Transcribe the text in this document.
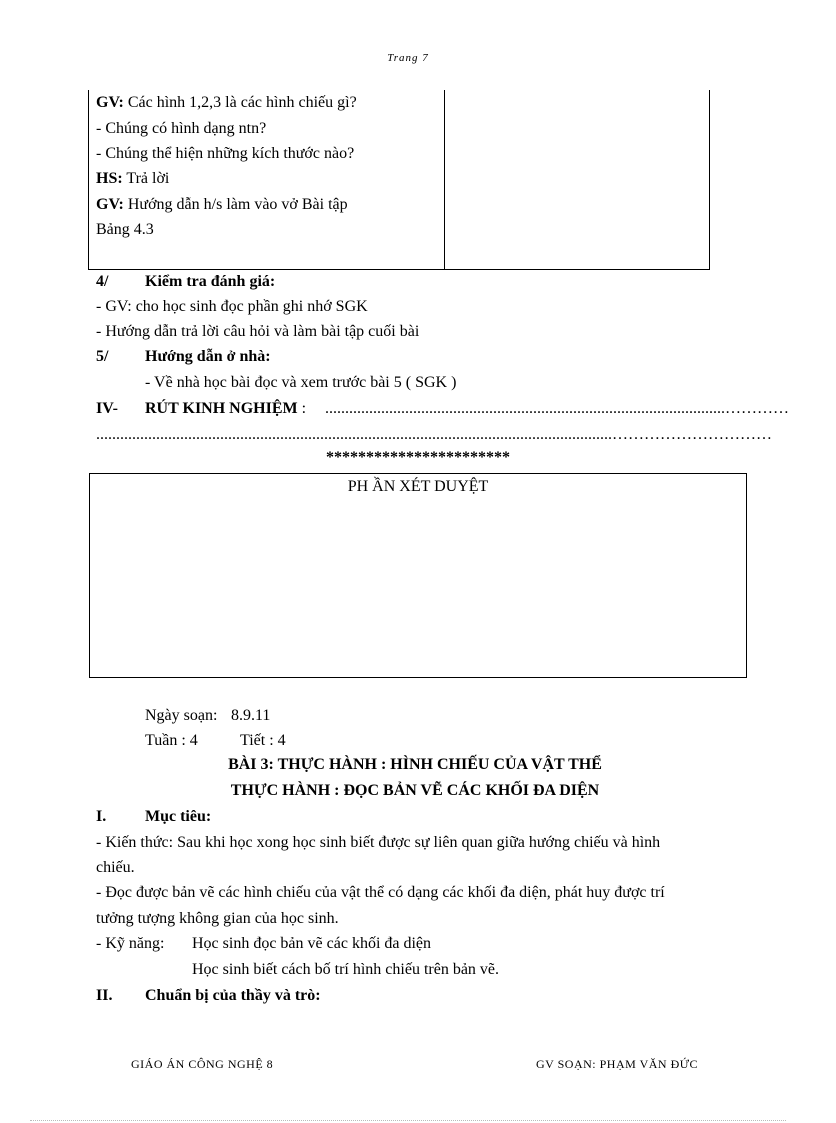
Trang 7
GV: Các hình 1,2,3 là các hình chiếu gì?
- Chúng có hình dạng ntn?
- Chúng thể hiện những kích thước nào?
HS: Trả lời
GV: Hướng dẫn h/s làm vào vở Bài tập
Bảng 4.3
4/ Kiểm tra đánh giá:
- GV: cho học sinh đọc phần ghi nhớ SGK
- Hướng dẫn trả lời câu hỏi và làm bài tập cuối bài
5/ Hướng dẫn ở nhà:
- Về nhà học bài đọc và xem trước bài 5 ( SGK )
IV- RÚT KINH NGHIỆM : ....................................................................................................…………
.................................................................................................................................…………………………
***********************
PH ẦN XÉT DUYỆT
Ngày soạn: 8.9.11
Tuần : 4	Tiết : 4
BÀI 3: THỰC HÀNH : HÌNH CHIẾU CỦA VẬT THỂ
THỰC HÀNH : ĐỌC BẢN VẼ CÁC KHỐI ĐA DIỆN
I. Mục tiêu:
- Kiến thức: Sau khi học xong học sinh biết được sự liên quan giữa hướng chiếu và hình
chiếu.
- Đọc được bản vẽ các hình chiếu của vật thể có dạng các khối đa diện, phát huy được trí
tưởng tượng không gian của học sinh.
- Kỹ năng: Học sinh đọc bản vẽ các khối đa diện
Học sinh biết cách bố trí hình chiếu trên bản vẽ.
II. Chuẩn bị của thầy và trò:
GIÁO ÁN CÔNG NGHỆ 8	GV SOẠN: PHẠM VĂN ĐỨC
